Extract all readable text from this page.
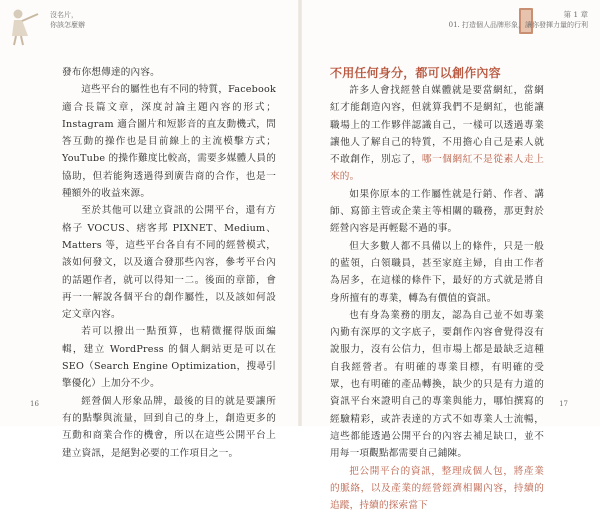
沒名片，
你該怎麼辦

發布你想傳達的內容。

這些平台的屬性也有不同的特質，Facebook 適合長篇文章，深度討論主題內容的形式；Instagram 適合圖片和短影音的直友動機式，問答互動的操作也是目前線上的主流模擊方式；YouTube 的操作難度比較高，需要多媒體人員的協助，但若能夠透過得到廣告商的合作，也是一種額外的收益來源。

至於其他可以建立資訊的公開平台，還有方格子 VOCUS、痞客邦 PIXNET、Medium、Matters 等，這些平台各自有不同的經營模式，該如何發文，以及適合發那些內容，參考平台內的話題作者，就可以得知一二。後面的章節，會再一一解說各個平台的創作屬性，以及該如何設定文章內容。

若可以撥出一點預算，也精微擺得版面編輯，建立 WordPress 的個人網站更是可以在 SEO（Search Engine Optimization，搜尋引擎優化）上加分不少。

經營個人形象品牌，最後的目的就是要讓所有的點擊與流量，回到自己的身上，創造更多的互動和商業合作的機會，所以在這些公開平台上建立資訊，是絕對必要的工作項目之一。

16
第 1 章
01. 打造個人品牌形象，讓你發揮力量的行利

不用任何身分，都可以創作內容

許多人會找經營自媒體就是要當網紅，當網紅才能創造內容，但就算我們不是網紅，也能讓職場上的工作夥伴認識自己，一樣可以透過專業讓他人了解自己的特質，不用擔心自己是素人就不敢創作，別忘了，哪一個網紅不是從素人走上來的。

如果你原本的工作屬性就是行銷、作者、講師、寫節主管或企業主等相關的職務，那更對於經營內容是再輕鬆不過的事。

但大多數人都不具備以上的條件，只是一般的藍領，白領職員，甚至家庭主婦，自由工作者為居多，在這樣的條件下，最好的方式就是將自身所擅有的專業，轉為有價值的資訊。

也有身為業務的朋友，認為自己並不如專業內勤有深厚的文字底子，要創作內容會覺得沒有說服力，沒有公信力，但市場上都是最缺乏這種自我經營者。有明確的專業目標，有明確的受眾，也有明確的產品轉換，缺少的只是有力道的資訊平台來證明自己的專業與能力，哪怕撰寫的經驗精彩，或許表達的方式不如專業人士流暢，這些都能透過公開平台的內容去補足缺口，並不用每一項觀點都需要自己鋪陳。

把公開平台的資訊，整理成個人包，將產業的脈絡，以及產業的經營經濟相關內容，持續的追蹤，持續的探索當下

17
